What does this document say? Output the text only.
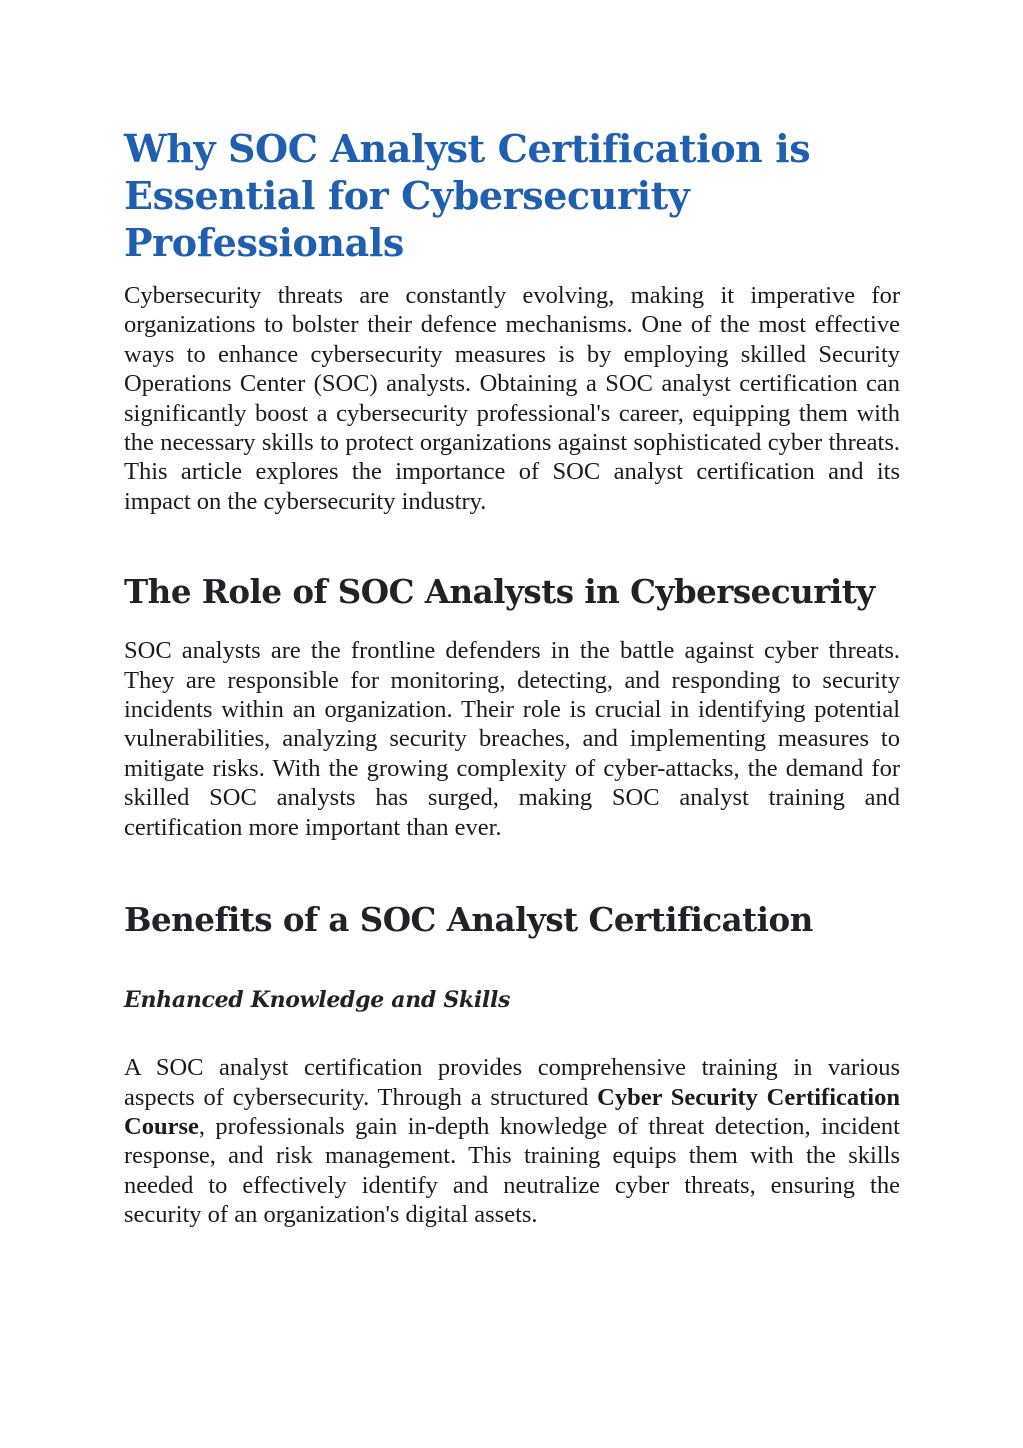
Why SOC Analyst Certification is Essential for Cybersecurity Professionals

Cybersecurity threats are constantly evolving, making it imperative for organizations to bolster their defence mechanisms. One of the most effective ways to enhance cybersecurity measures is by employing skilled Security Operations Center (SOC) analysts. Obtaining a SOC analyst certification can significantly boost a cybersecurity professional's career, equipping them with the necessary skills to protect organizations against sophisticated cyber threats. This article explores the importance of SOC analyst certification and its impact on the cybersecurity industry.

The Role of SOC Analysts in Cybersecurity

SOC analysts are the frontline defenders in the battle against cyber threats. They are responsible for monitoring, detecting, and responding to security incidents within an organization. Their role is crucial in identifying potential vulnerabilities, analyzing security breaches, and implementing measures to mitigate risks. With the growing complexity of cyber-attacks, the demand for skilled SOC analysts has surged, making SOC analyst training and certification more important than ever.

Benefits of a SOC Analyst Certification
Enhanced Knowledge and Skills

A SOC analyst certification provides comprehensive training in various aspects of cybersecurity. Through a structured Cyber Security Certification Course, professionals gain in-depth knowledge of threat detection, incident response, and risk management. This training equips them with the skills needed to effectively identify and neutralize cyber threats, ensuring the security of an organization's digital assets.
